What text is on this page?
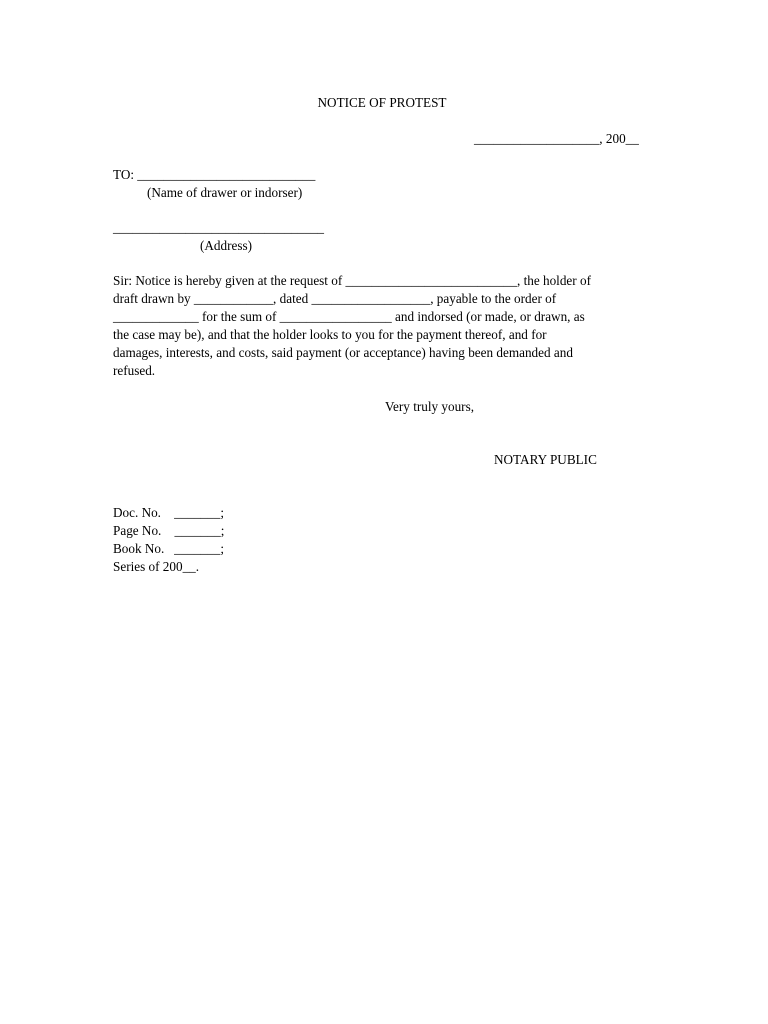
NOTICE OF PROTEST
___________________, 200__
TO: ___________________________
(Name of drawer or indorser)
________________________________
(Address)
Sir: Notice is hereby given at the request of __________________________, the holder of
draft drawn by ____________, dated __________________, payable to the order of
_____________ for the sum of _________________ and indorsed (or made, or drawn, as
the case may be), and that the holder looks to you for the payment thereof, and for
damages, interests, and costs, said payment (or acceptance) having been demanded and
refused.
Very truly yours,
NOTARY PUBLIC
Doc. No.    _______;
Page No.    _______;
Book No.   _______;
Series of 200__.
